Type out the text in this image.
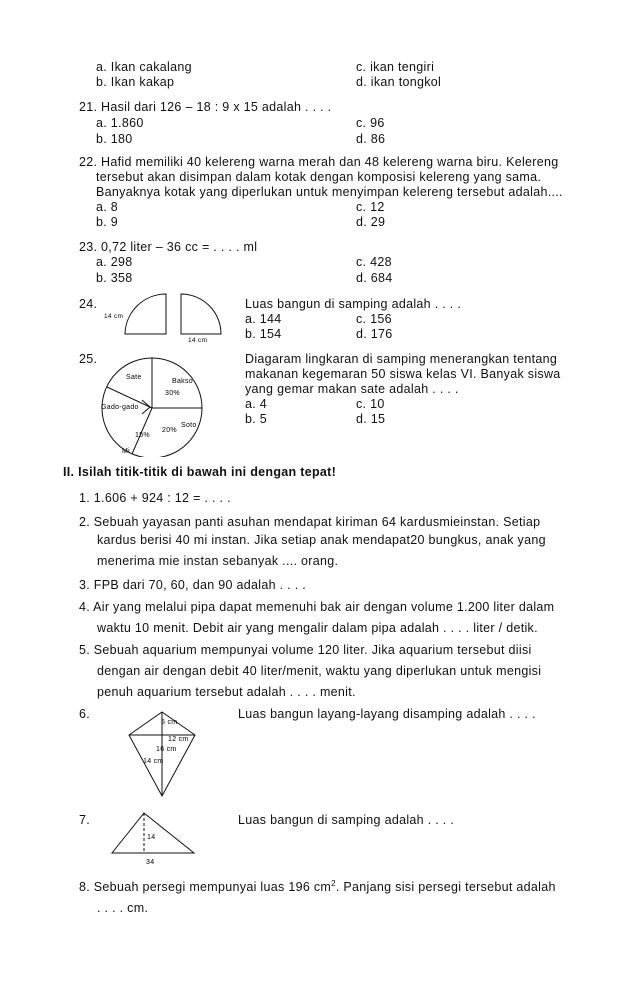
a. Ikan cakalang
b. Ikan kakap
c. ikan tengiri
d. ikan tongkol
21. Hasil dari 126 – 18 : 9 x 15 adalah . . . .
a. 1.860
b. 180
c. 96
d. 86
22. Hafid memiliki 40 kelereng warna merah dan 48 kelereng warna biru. Kelereng
tersebut akan disimpan dalam kotak dengan komposisi kelereng yang sama.
Banyaknya kotak yang diperlukan untuk menyimpan kelereng tersebut adalah....
a. 8
b. 9
c. 12
d. 29
23. 0,72 liter – 36 cc = . . . . ml
a. 298
b. 358
c. 428
d. 684
24.
14 cm
14 cm
Luas bangun di samping adalah . . . .
a. 144
b. 154
c. 156
d. 176
25.
Sate
Bakso
30%
Gado-gado
Soto
20%
15%
Mi
Diagaram lingkaran di samping menerangkan tentang
makanan kegemaran 50 siswa kelas VI. Banyak siswa
yang gemar makan sate adalah . . . .
a. 4
b. 5
c. 10
d. 15
II. Isilah titik-titik di bawah ini dengan tepat!
1. 1.606 + 924 : 12 = . . . .
2. Sebuah yayasan panti asuhan mendapat kiriman 64 kardusmieinstan. Setiap
kardus berisi 40 mi instan. Jika setiap anak mendapat20 bungkus, anak yang
menerima mie instan sebanyak .... orang.
3. FPB dari 70, 60, dan 90 adalah . . . .
4. Air yang melalui pipa dapat memenuhi bak air dengan volume 1.200 liter dalam
waktu 10 menit. Debit air yang mengalir dalam pipa adalah . . . . liter / detik.
5. Sebuah aquarium mempunyai volume 120 liter. Jika aquarium tersebut diisi
dengan air dengan debit 40 liter/menit, waktu yang diperlukan untuk mengisi
penuh aquarium tersebut adalah . . . . menit.
6.
5 cm
12 cm
16 cm
14 cm
Luas bangun layang-layang disamping adalah . . . .
7.
14
34
Luas bangun di samping adalah . . . .
8. Sebuah persegi mempunyai luas 196 $cm^2$. Panjang sisi persegi tersebut adalah
. . . . cm.
